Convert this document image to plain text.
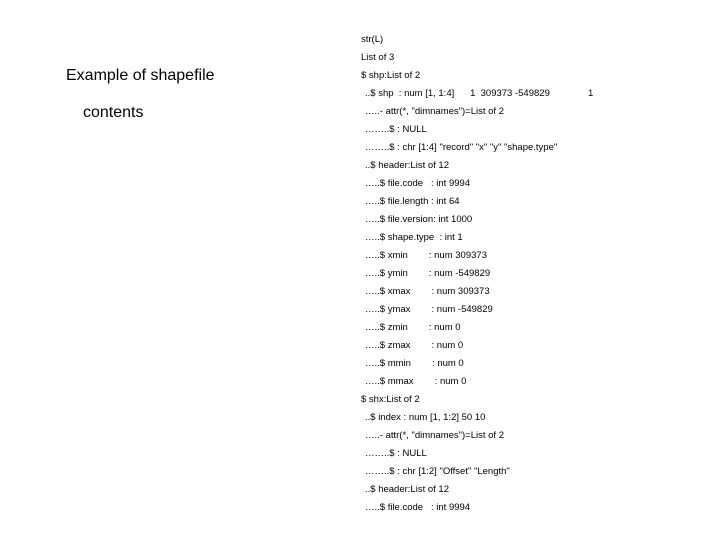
Example of shapefile
contents
str(L)
List of 3
$ shp:List of 2
..$ shp  : num [1, 1:4]      1  309373 -549829
…..- attr(*, "dimnames")=List of 2
……..$ : NULL
……..$ : chr [1:4] "record" "x" "y" "shape.type"
..$ header:List of 12
…..$ file.code   : int 9994
…..$ file.length : int 64
…..$ file.version: int 1000
…..$ shape.type  : int 1
…..$ xmin        : num 309373
…..$ ymin        : num -549829
…..$ xmax        : num 309373
…..$ ymax        : num -549829
…..$ zmin        : num 0
…..$ zmax        : num 0
…..$ mmin        : num 0
…..$ mmax        : num 0
$ shx:List of 2
..$ index : num [1, 1:2] 50 10
…..- attr(*, "dimnames")=List of 2
……..$ : NULL
……..$ : chr [1:2] "Offset" "Length"
..$ header:List of 12
…..$ file.code   : int 9994
1
